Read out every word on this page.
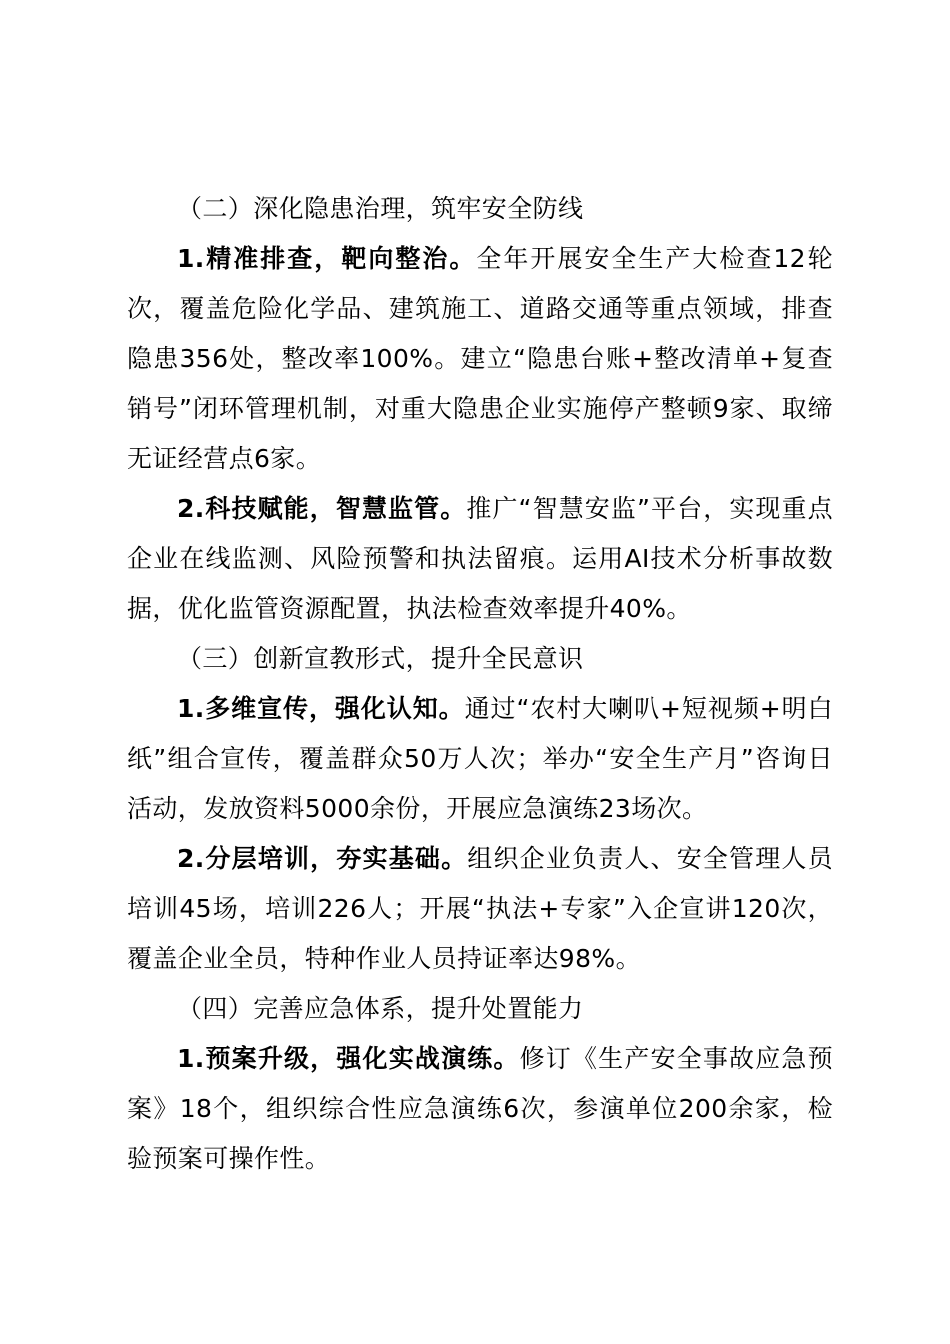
（二）深化隐患治理，筑牢安全防线

1.精准排查，靶向整治。全年开展安全生产大检查12轮次，覆盖危险化学品、建筑施工、道路交通等重点领域，排查隐患356处，整改率100%。建立“隐患台账+整改清单+复查销号”闭环管理机制，对重大隐患企业实施停产整顿9家、取缔无证经营点6家。

2.科技赋能，智慧监管。推广“智慧安监”平台，实现重点企业在线监测、风险预警和执法留痕。运用AI技术分析事故数据，优化监管资源配置，执法检查效率提升40%。

（三）创新宣教形式，提升全民意识

1.多维宣传，强化认知。通过“农村大喇叭+短视频+明白纸”组合宣传，覆盖群众50万人次；举办“安全生产月”咨询日活动，发放资料5000余份，开展应急演练23场次。

2.分层培训，夯实基础。组织企业负责人、安全管理人员培训45场，培训226人；开展“执法+专家”入企宣讲120次，覆盖企业全员，特种作业人员持证率达98%。

（四）完善应急体系，提升处置能力

1.预案升级，强化实战演练。修订《生产安全事故应急预案》18个，组织综合性应急演练6次，参演单位200余家，检验预案可操作性。
